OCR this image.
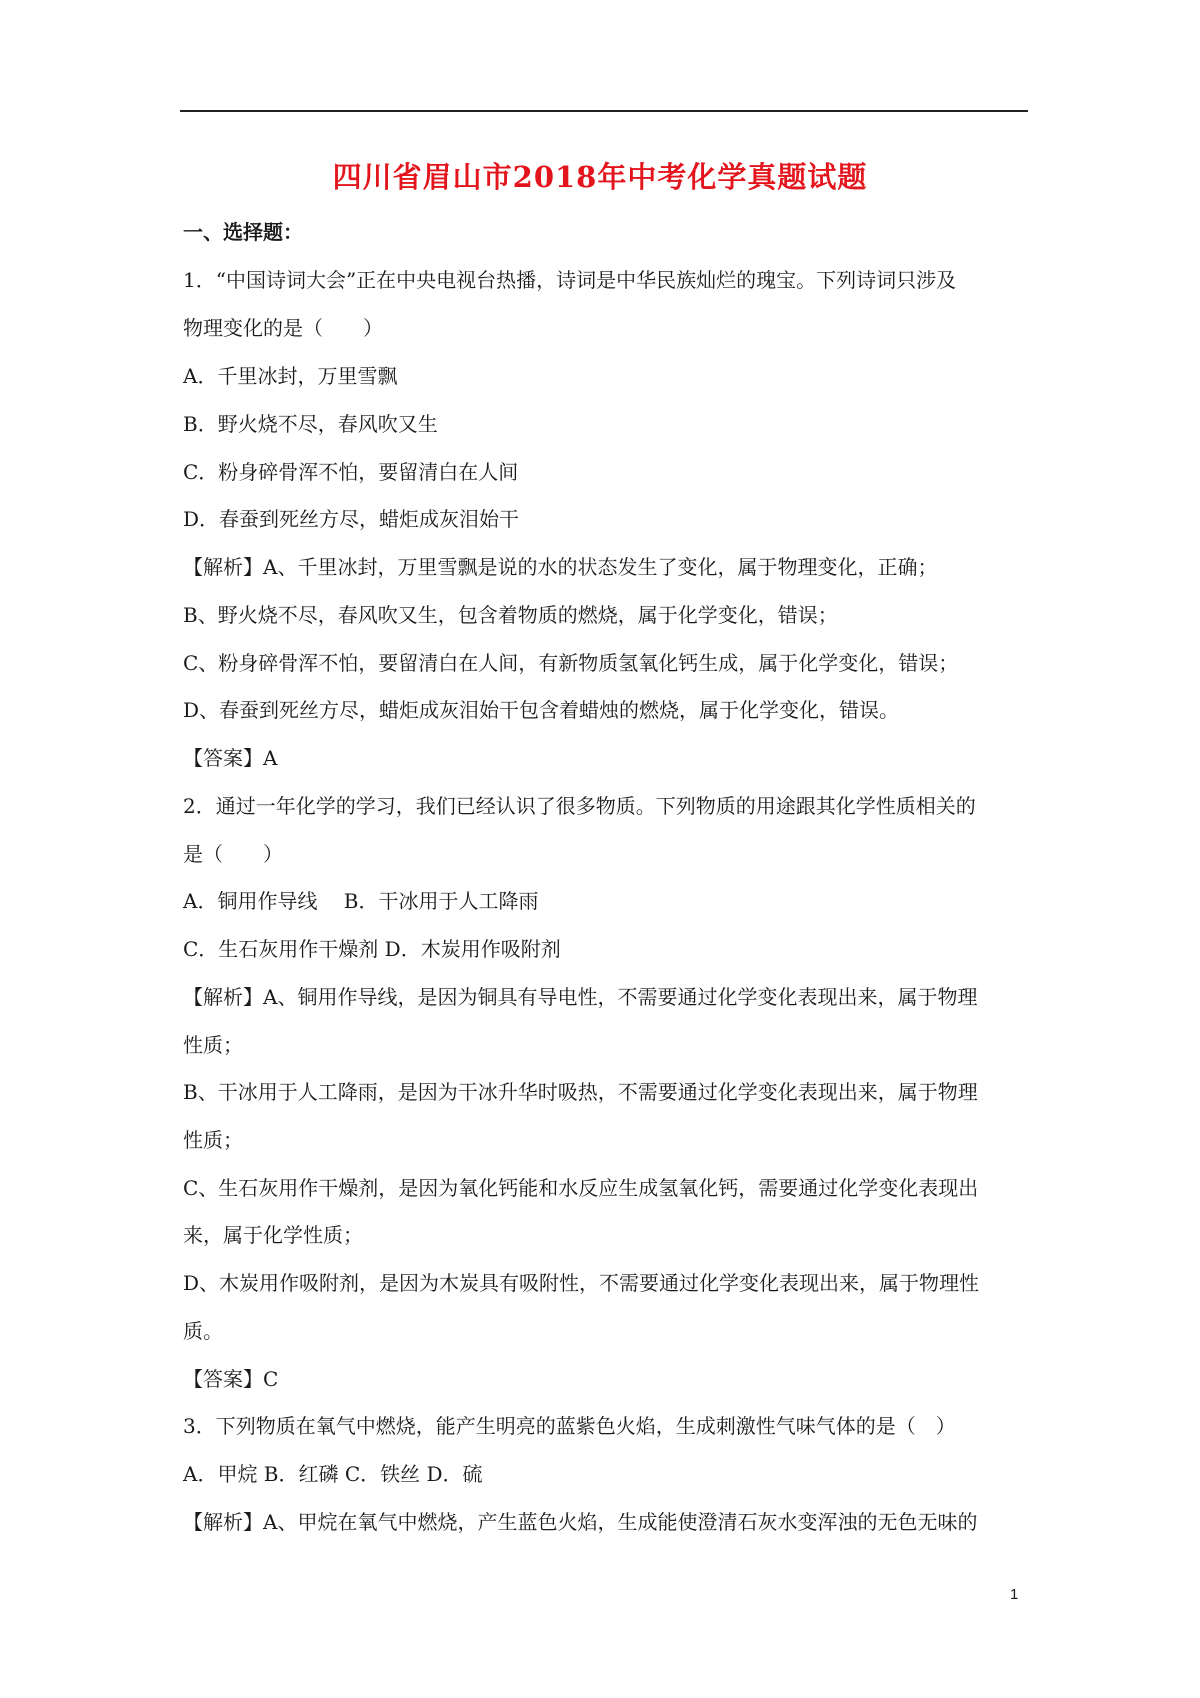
四川省眉山市2018年中考化学真题试题
一、选择题：
1．“中国诗词大会”正在中央电视台热播，诗词是中华民族灿烂的瑰宝。下列诗词只涉及
物理变化的是（　　）
A．千里冰封，万里雪飘
B．野火烧不尽，春风吹又生
C．粉身碎骨浑不怕，要留清白在人间
D．春蚕到死丝方尽，蜡炬成灰泪始干
【解析】A、千里冰封，万里雪飘是说的水的状态发生了变化，属于物理变化，正确；
B、野火烧不尽，春风吹又生，包含着物质的燃烧，属于化学变化，错误；
C、粉身碎骨浑不怕，要留清白在人间，有新物质氢氧化钙生成，属于化学变化，错误；
D、春蚕到死丝方尽，蜡炬成灰泪始干包含着蜡烛的燃烧，属于化学变化，错误。
【答案】A
2．通过一年化学的学习，我们已经认识了很多物质。下列物质的用途跟其化学性质相关的
是（　　）
A．铜用作导线　 B．干冰用于人工降雨
C．生石灰用作干燥剂 D．木炭用作吸附剂
【解析】A、铜用作导线，是因为铜具有导电性，不需要通过化学变化表现出来，属于物理
性质；
B、干冰用于人工降雨，是因为干冰升华时吸热，不需要通过化学变化表现出来，属于物理
性质；
C、生石灰用作干燥剂，是因为氧化钙能和水反应生成氢氧化钙，需要通过化学变化表现出
来，属于化学性质；
D、木炭用作吸附剂，是因为木炭具有吸附性，不需要通过化学变化表现出来，属于物理性
质。
【答案】C
3．下列物质在氧气中燃烧，能产生明亮的蓝紫色火焰，生成刺激性气味气体的是（　）
A．甲烷 B．红磷 C．铁丝 D．硫
【解析】A、甲烷在氧气中燃烧，产生蓝色火焰，生成能使澄清石灰水变浑浊的无色无味的
1
